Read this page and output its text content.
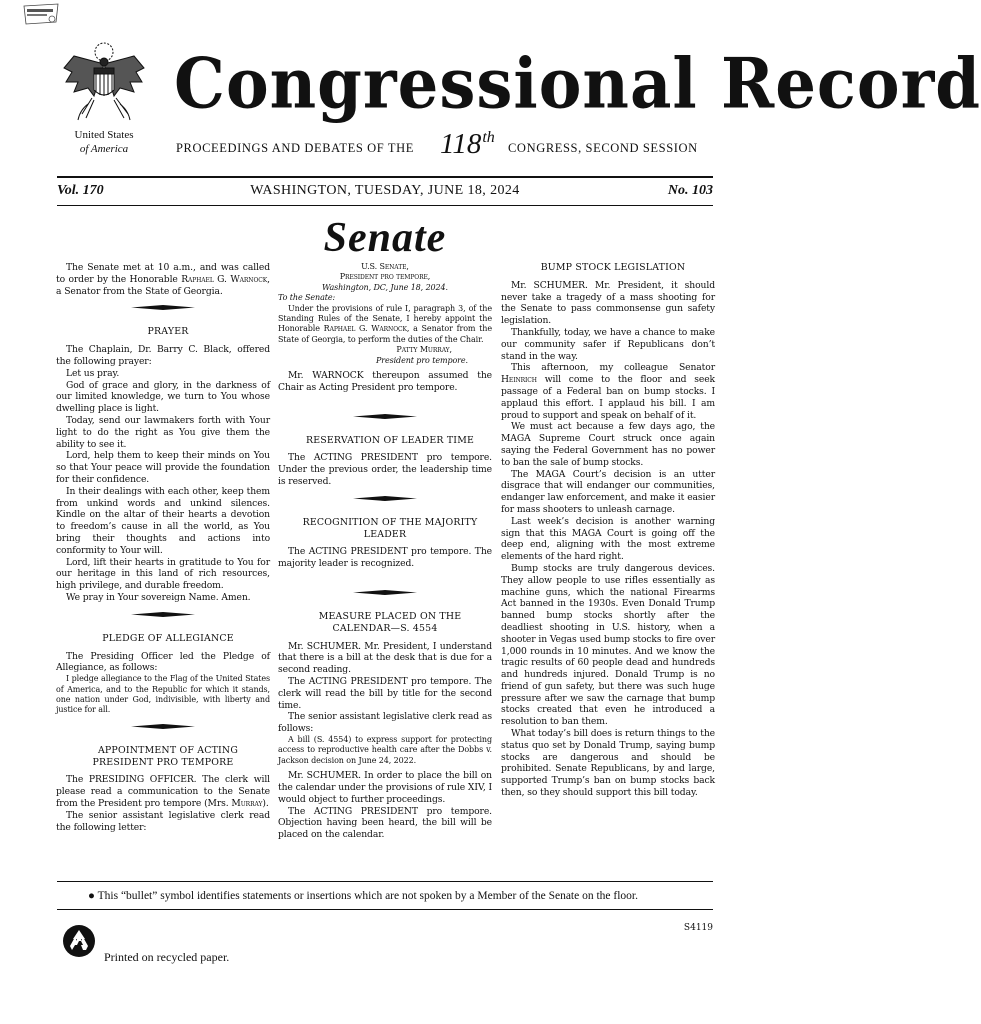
Congressional Record
United States
of America	PROCEEDINGS AND DEBATES OF THE 118th
CONGRESS, SECOND SESSION
Vol. 170	WASHINGTON, TUESDAY, JUNE 18, 2024	No. 103
Senate

The Senate met at 10 a.m., and was called to order by the Honorable Raphael G. Warnock, a Senator from the State of Georgia.

PRAYER

The Chaplain, Dr. Barry C. Black, offered the following prayer:

Let us pray.

God of grace and glory, in the darkness of our limited knowledge, we turn to You whose dwelling place is light.

Today, send our lawmakers forth with Your light to do the right as You give them the ability to see it.

Lord, help them to keep their minds on You so that Your peace will provide the foundation for their confidence.

In their dealings with each other, keep them from unkind words and unkind silences. Kindle on the altar of their hearts a devotion to freedom’s cause in all the world, as You bring their thoughts and actions into conformity to Your will.

Lord, lift their hearts in gratitude to You for our heritage in this land of rich resources, high privilege, and durable freedom.

We pray in Your sovereign Name. Amen.

PLEDGE OF ALLEGIANCE

The Presiding Officer led the Pledge of Allegiance, as follows:

I pledge allegiance to the Flag of the United States of America, and to the Republic for which it stands, one nation under God, indivisible, with liberty and justice for all.

APPOINTMENT OF ACTING PRESIDENT PRO TEMPORE

The PRESIDING OFFICER. The clerk will please read a communication to the Senate from the President pro tempore (Mrs. Murray).

The senior assistant legislative clerk read the following letter:

U.S. Senate,
President pro tempore,
Washington, DC, June 18, 2024.

To the Senate:

Under the provisions of rule I, paragraph 3, of the Standing Rules of the Senate, I hereby appoint the Honorable Raphael G. Warnock, a Senator from the State of Georgia, to perform the duties of the Chair.

Patty Murray,
President pro tempore.

Mr. WARNOCK thereupon assumed the Chair as Acting President pro tempore.

RESERVATION OF LEADER TIME

The ACTING PRESIDENT pro tempore. Under the previous order, the leadership time is reserved.

RECOGNITION OF THE MAJORITY LEADER

The ACTING PRESIDENT pro tempore. The majority leader is recognized.

MEASURE PLACED ON THE CALENDAR—S. 4554

Mr. SCHUMER. Mr. President, I understand that there is a bill at the desk that is due for a second reading.

The ACTING PRESIDENT pro tempore. The clerk will read the bill by title for the second time.

The senior assistant legislative clerk read as follows:

A bill (S. 4554) to express support for protecting access to reproductive health care after the Dobbs v. Jackson decision on June 24, 2022.

Mr. SCHUMER. In order to place the bill on the calendar under the provisions of rule XIV, I would object to further proceedings.

The ACTING PRESIDENT pro tempore. Objection having been heard, the bill will be placed on the calendar.

BUMP STOCK LEGISLATION

Mr. SCHUMER. Mr. President, it should never take a tragedy of a mass shooting for the Senate to pass commonsense gun safety legislation.

Thankfully, today, we have a chance to make our community safer if Republicans don’t stand in the way.

This afternoon, my colleague Senator Heinrich will come to the floor and seek passage of a Federal ban on bump stocks. I applaud this effort. I applaud his bill. I am proud to support and speak on behalf of it.

We must act because a few days ago, the MAGA Supreme Court struck once again saying the Federal Government has no power to ban the sale of bump stocks.

The MAGA Court’s decision is an utter disgrace that will endanger our communities, endanger law enforcement, and make it easier for mass shooters to unleash carnage.

Last week’s decision is another warning sign that this MAGA Court is going off the deep end, aligning with the most extreme elements of the hard right.

Bump stocks are truly dangerous devices. They allow people to use rifles essentially as machine guns, which the national Firearms Act banned in the 1930s. Even Donald Trump banned bump stocks shortly after the deadliest shooting in U.S. history, when a shooter in Vegas used bump stocks to fire over 1,000 rounds in 10 minutes. And we know the tragic results of 60 people dead and hundreds and hundreds injured. Donald Trump is no friend of gun safety, but there was such huge pressure after we saw the carnage that bump stocks created that even he introduced a resolution to ban them.

What today’s bill does is return things to the status quo set by Donald Trump, saying bump stocks are dangerous and should be prohibited. Senate Republicans, by and large, supported Trump’s ban on bump stocks back then, so they should support this bill today.

● This “bullet” symbol identifies statements or insertions which are not spoken by a Member of the Senate on the floor.
S4119
Printed on recycled paper.
